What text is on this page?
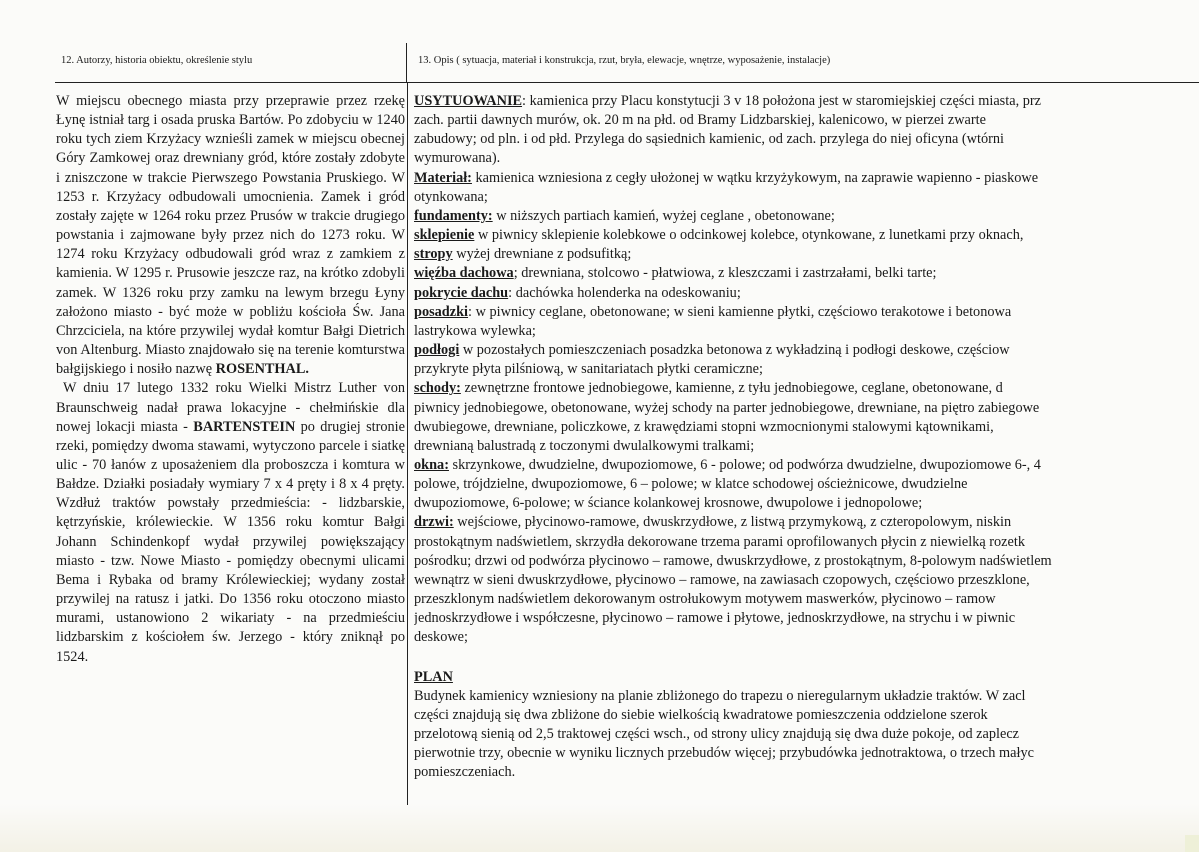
12. Autorzy, historia obiektu, określenie stylu	13. Opis ( sytuacja, materiał i konstrukcja, rzut, bryła, elewacje, wnętrze, wyposażenie, instalacje)

W miejscu obecnego miasta przy przeprawie przez rzekę Łynę istniał targ i osada pruska Bartów. Po zdobyciu w 1240 roku tych ziem Krzyżacy wznieśli zamek w miejscu obecnej Góry Zamkowej oraz drewniany gród, które zostały zdobyte i zniszczone w trakcie Pierwszego Powstania Pruskiego. W 1253 r. Krzyżacy odbudowali umocnienia. Zamek i gród zostały zajęte w 1264 roku przez Prusów w trakcie drugiego powstania i zajmowane były przez nich do 1273 roku. W 1274 roku Krzyżacy odbudowali gród wraz z zamkiem z kamienia. W 1295 r. Prusowie jeszcze raz, na krótko zdobyli zamek. W 1326 roku przy zamku na lewym brzegu Łyny założono miasto - być może w pobliżu kościoła Św. Jana Chrzciciela, na które przywilej wydał komtur Bałgi Dietrich von Altenburg. Miasto znajdowało się na terenie komturstwa bałgijskiego i nosiło nazwę ROSENTHAL.

W dniu 17 lutego 1332 roku Wielki Mistrz Luther von Braunschweig nadał prawa lokacyjne - chełmińskie dla nowej lokacji miasta - BARTENSTEIN po drugiej stronie rzeki, pomiędzy dwoma stawami, wytyczono parcele i siatkę ulic - 70 łanów z uposażeniem dla proboszcza i komtura w Bałdze. Działki posiadały wymiary 7 x 4 pręty i 8 x 4 pręty. Wzdłuż traktów powstały przedmieścia: - lidzbarskie, kętrzyńskie, królewieckie. W 1356 roku komtur Bałgi Johann Schindenkopf wydał przywilej powiększający miasto - tzw. Nowe Miasto - pomiędzy obecnymi ulicami Bema i Rybaka od bramy Królewieckiej; wydany został przywilej na ratusz i jatki. Do 1356 roku otoczono miasto murami, ustanowiono 2 wikariaty - na przedmieściu lidzbarskim z kościołem św. Jerzego - który zniknął po 1524.

USYTUOWANIE: kamienica przy Placu konstytucji 3 v 18 położona jest w staromiejskiej części miasta, prz
zach. partii dawnych murów, ok. 20 m na płd. od Bramy Lidzbarskiej, kalenicowo, w pierzei zwarte
zabudowy; od pln. i od płd. Przylega do sąsiednich kamienic, od zach. przylega do niej oficyna (wtórni
wymurowana).
Materiał: kamienica wzniesiona z cegły ułożonej w wątku krzyżykowym, na zaprawie wapienno - piaskowe
otynkowana;
fundamenty: w niższych partiach kamień, wyżej ceglane , obetonowane;
sklepienie w piwnicy sklepienie kolebkowe o odcinkowej kolebce, otynkowane, z lunetkami przy oknach,
stropy wyżej drewniane z podsufitką;
więźba dachowa; drewniana, stolcowo - płatwiowa, z kleszczami i zastrzałami, belki tarte;
pokrycie dachu: dachówka holenderka na odeskowaniu;
posadzki: w piwnicy ceglane, obetonowane; w sieni kamienne płytki, częściowo terakotowe i betonowa
lastrykowa wylewka;
podłogi w pozostałych pomieszczeniach posadzka betonowa z wykładziną i podłogi deskowe, częściow
przykryte płyta pilśniową, w sanitariatach płytki ceramiczne;
schody: zewnętrzne frontowe jednobiegowe, kamienne, z tyłu jednobiegowe, ceglane, obetonowane, d
piwnicy jednobiegowe, obetonowane, wyżej schody na parter jednobiegowe, drewniane, na piętro zabiegowe
dwubiegowe, drewniane, policzkowe, z krawędziami stopni wzmocnionymi stalowymi kątownikami,
drewnianą balustradą z toczonymi dwulalkowymi tralkami;
okna: skrzynkowe, dwudzielne, dwupoziomowe, 6 - polowe; od podwórza dwudzielne, dwupoziomowe 6-, 4
polowe, trójdzielne, dwupoziomowe, 6 – polowe; w klatce schodowej ościeżnicowe, dwudzielne
dwupoziomowe, 6-polowe; w ściance kolankowej krosnowe, dwupolowe i jednopolowe;
drzwi: wejściowe, płycinowo-ramowe, dwuskrzydłowe, z listwą przymykową, z czteropolowym, niskin
prostokątnym nadświetlem, skrzydła dekorowane trzema parami oprofilowanych płycin z niewielką rozetk
pośrodku; drzwi od podwórza płycinowo – ramowe, dwuskrzydłowe, z prostokątnym, 8-polowym nadświetlem
wewnątrz w sieni dwuskrzydłowe, płycinowo – ramowe, na zawiasach czopowych, częściowo przeszklone,
przeszklonym nadświetlem dekorowanym ostrołukowym motywem maswerków, płycinowo – ramow
jednoskrzydłowe i współczesne, płycinowo – ramowe i płytowe, jednoskrzydłowe, na strychu i w piwnic
deskowe;
PLAN
Budynek kamienicy wzniesiony na planie zbliżonego do trapezu o nieregularnym układzie traktów. W zacl
części znajdują się dwa zbliżone do siebie wielkością kwadratowe pomieszczenia oddzielone szerok
przelotową sienią od 2,5 traktowej części wsch., od strony ulicy znajdują się dwa duże pokoje, od zaplecz
pierwotnie trzy, obecnie w wyniku licznych przebudów więcej; przybudówka jednotraktowa, o trzech małyc
pomieszczeniach.
